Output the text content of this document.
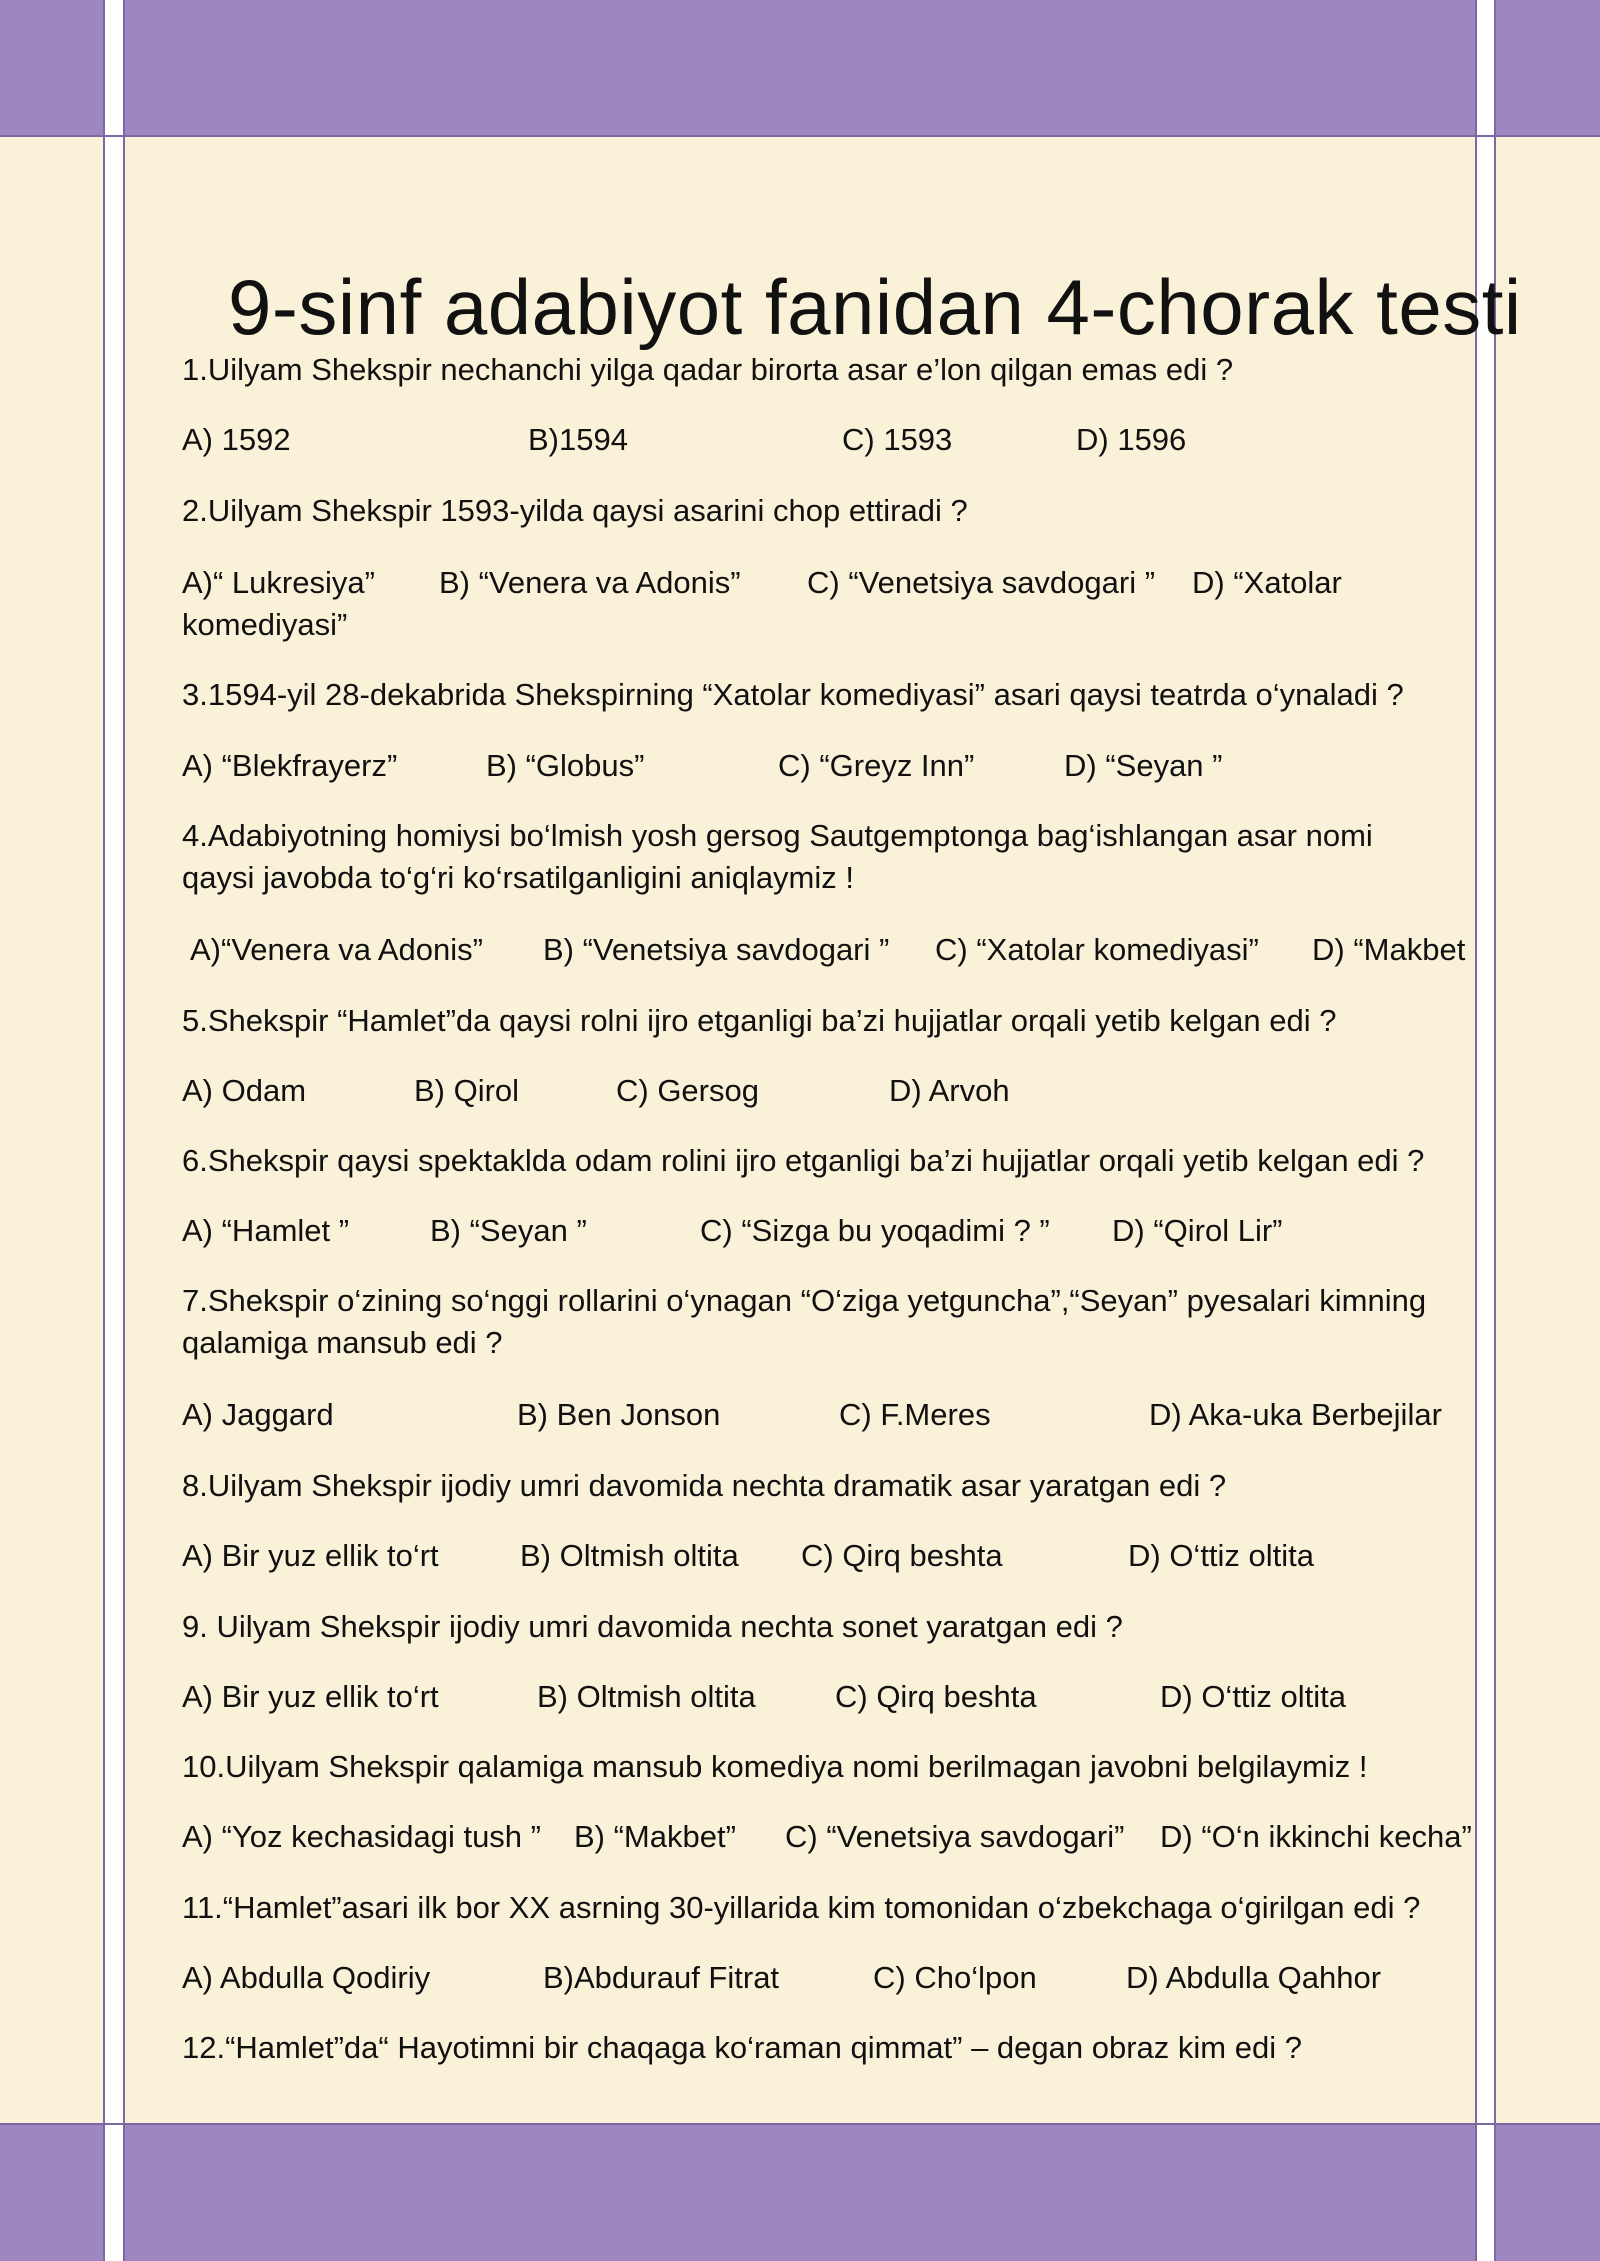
9-sinf adabiyot fanidan 4-chorak testi
1.Uilyam Shekspir nechanchi yilga qadar birorta asar e’lon qilgan emas edi ?
A) 1592	B)1594	C) 1593	D) 1596
2.Uilyam Shekspir 1593-yilda qaysi asarini chop ettiradi ?
A)“ Lukresiya” B) “Venera va Adonis” C) “Venetsiya savdogari ” D) “Xatolar
komediyasi”
3.1594-yil 28-dekabrida Shekspirning “Xatolar komediyasi” asari qaysi teatrda o‘ynaladi ?
A) “Blekfrayerz”	B) “Globus”	C) “Greyz Inn”	D) “Seyan ”
4.Adabiyotning homiysi bo‘lmish yosh gersog Sautgemptonga bag‘ishlangan asar nomi
qaysi javobda to‘g‘ri ko‘rsatilganligini aniqlaymiz !
A)“Venera va Adonis” B) “Venetsiya savdogari ” C) “Xatolar komediyasi” D) “Makbet
5.Shekspir “Hamlet”da qaysi rolni ijro etganligi ba’zi hujjatlar orqali yetib kelgan edi ?
A) Odam	B) Qirol	C) Gersog	D) Arvoh
6.Shekspir qaysi spektakldа odam rolini ijro etganligi ba’zi hujjatlar orqali yetib kelgan edi ?
A) “Hamlet ”	B) “Seyan ”	C) “Sizga bu yoqadimi ? ” D) “Qirol Lir”
7.Shekspir o‘zining so‘nggi rollarini o‘ynagan “O‘ziga yetguncha”,“Seyan” pyesalari kimning
qalamiga mansub edi ?
A) Jaggard	B) Ben Jonson	C) F.Meres	D) Aka-uka Berbejilar
8.Uilyam Shekspir ijodiy umri davomida nechta dramatik asar yaratgan edi ?
A) Bir yuz ellik to‘rt	B) Oltmish oltita C) Qirq beshta	D) O‘ttiz oltita
9. Uilyam Shekspir ijodiy umri davomida nechta sonet yaratgan edi ?
A) Bir yuz ellik to‘rt	B) Oltmish oltita	C) Qirq beshta	D) O‘ttiz oltita
10.Uilyam Shekspir qalamiga mansub komediya nomi berilmagan javobni belgilaymiz !
A) “Yoz kechasidagi tush ” B) “Makbet” C) “Venetsiya savdogari” D) “O‘n ikkinchi kecha”
11.“Hamlet”asari ilk bor XX asrning 30-yillarida kim tomonidan o‘zbekchaga o‘girilgan edi ?
A) Abdulla Qodiriy	B)Abdurauf Fitrat	C) Cho‘lpon	D) Abdulla Qahhor
12.“Hamlet”da“ Hayotimni bir chaqaga ko‘raman qimmat” – degan obraz kim edi ?
